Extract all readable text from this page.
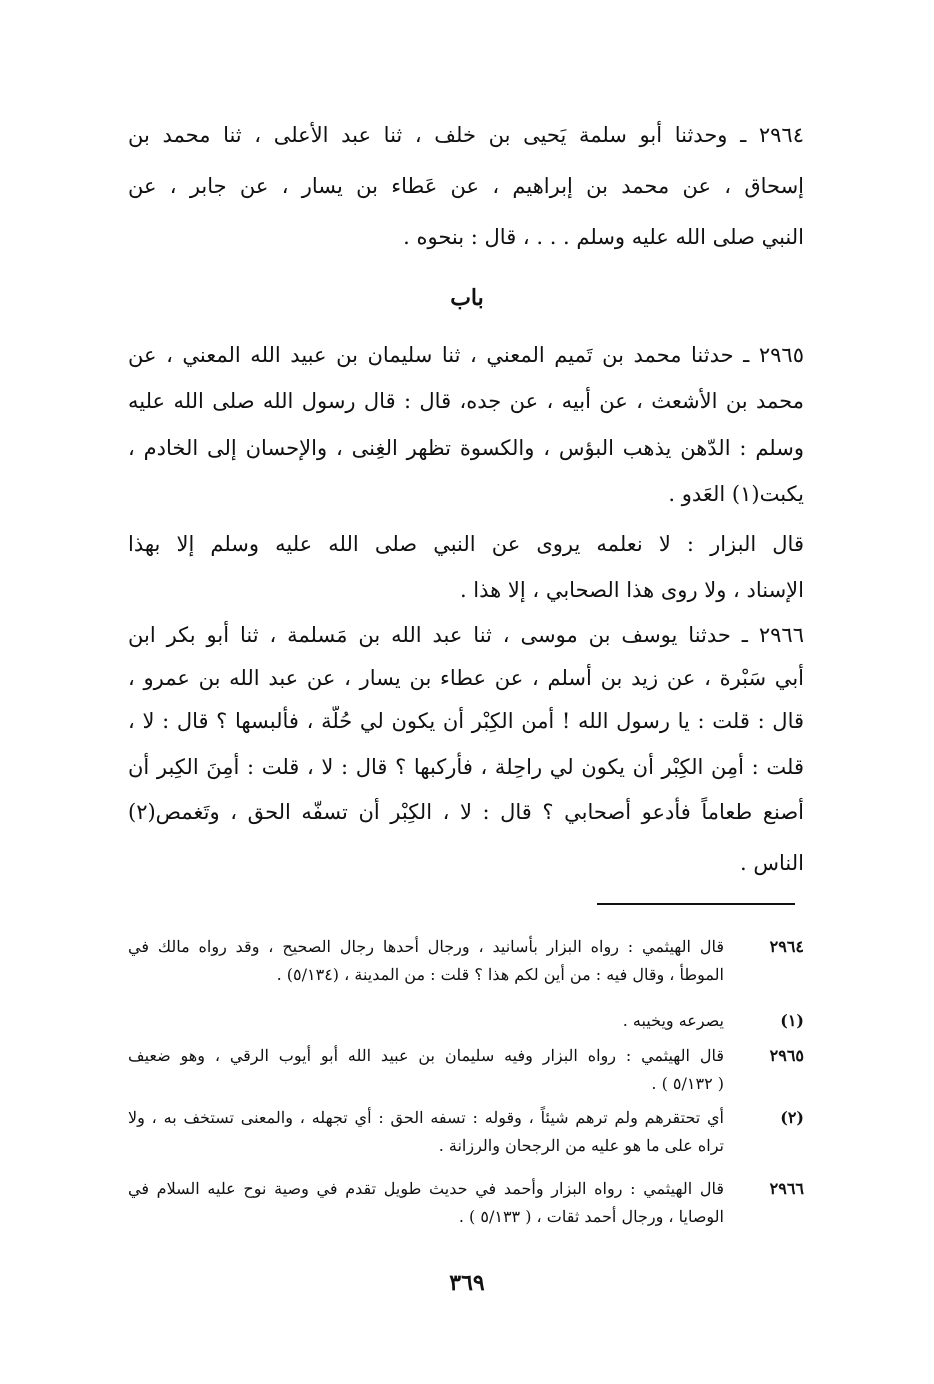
٢٩٦٤ ـ وحدثنا أبو سلمة يَحيى بن خلف ، ثنا عبد الأعلى ، ثنا محمد بن
إسحاق ، عن محمد بن إبراهيم ، عن عَطاء بن يسار ، عن جابر ، عن
النبي صلى الله عليه وسلم . . . ، قال : بنحوه .
باب
٢٩٦٥ ـ حدثنا محمد بن تَميم المعني ، ثنا سليمان بن عبيد الله المعني ، عن
محمد بن الأشعث ، عن أبيه ، عن جده، قال : قال رسول الله صلى الله عليه
وسلم : الدّهن يذهب البؤس ، والكسوة تظهر الغِنى ، والإحسان إلى الخادم ،
يكبت(١) العَدو .
قال البزار : لا نعلمه يروى عن النبي صلى الله عليه وسلم إلا بهذا
الإسناد ، ولا روى هذا الصحابي ، إلا هذا .
٢٩٦٦ ـ حدثنا يوسف بن موسى ، ثنا عبد الله بن مَسلمة ، ثنا أبو بكر ابن
أبي سَبْرة ، عن زيد بن أسلم ، عن عطاء بن يسار ، عن عبد الله بن عمرو ،
قال : قلت : يا رسول الله ! أمن الكِبْر أن يكون لي حُلّة ، فألبسها ؟ قال : لا ،
قلت : أمِن الكِبْر أن يكون لي راحِلة ، فأركبها ؟ قال : لا ، قلت : أمِنَ الكِبر أن
أصنع طعاماً فأدعو أصحابي ؟ قال : لا ، الكِبْر أن تسفّه الحق ، وتَغمص(٢)
الناس .
٢٩٦٤
قال الهيثمي : رواه البزار بأسانيد ، ورجال أحدها رجال الصحيح ، وقد رواه مالك في
الموطأ ، وقال فيه : من أين لكم هذا ؟ قلت : من المدينة ، (٥/١٣٤) .
(١)
يصرعه ويخيبه .
٢٩٦٥
قال الهيثمي : رواه البزار وفيه سليمان بن عبيد الله أبو أيوب الرقي ، وهو ضعيف
( ٥/١٣٢ ) .
(٢)
أي تحتقرهم ولم ترهم شيئاً ، وقوله : تسفه الحق : أي تجهله ، والمعنى تستخف به ، ولا
تراه على ما هو عليه من الرجحان والرزانة .
٢٩٦٦
قال الهيثمي : رواه البزار وأحمد في حديث طويل تقدم في وصية نوح عليه السلام في
الوصايا ، ورجال أحمد ثقات ، ( ٥/١٣٣ ) .
٣٦٩
